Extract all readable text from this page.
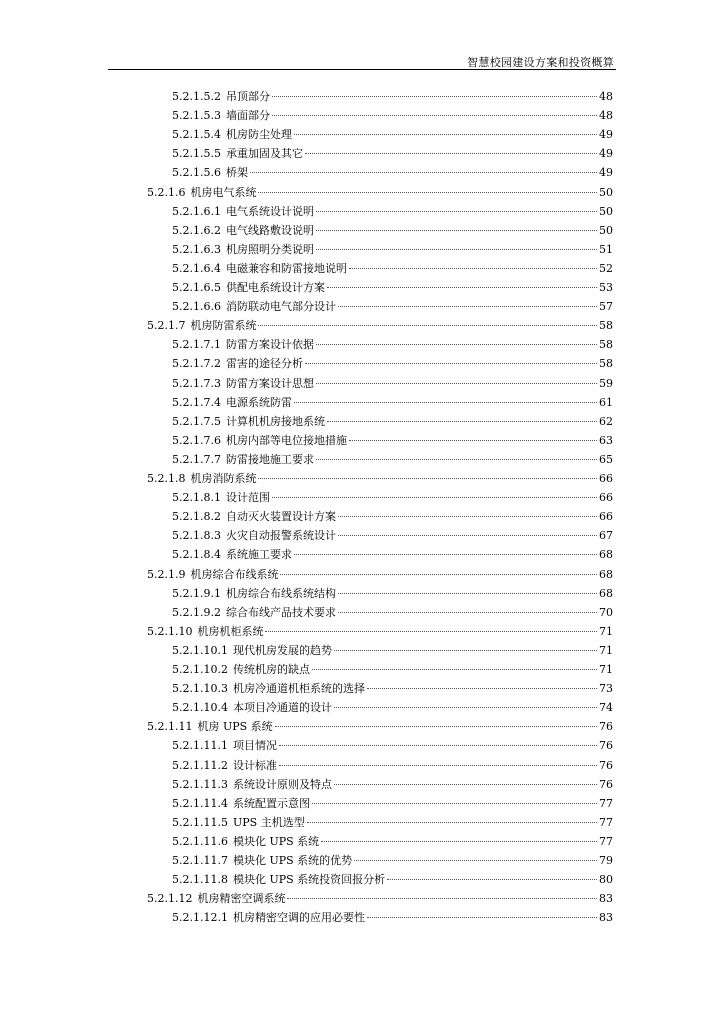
智慧校园建设方案和投资概算
5.2.1.5.2 吊顶部分	48
5.2.1.5.3 墙面部分	48
5.2.1.5.4 机房防尘处理	49
5.2.1.5.5 承重加固及其它	49
5.2.1.5.6 桥架	49
5.2.1.6 机房电气系统	50
5.2.1.6.1 电气系统设计说明	50
5.2.1.6.2 电气线路敷设说明	50
5.2.1.6.3 机房照明分类说明	51
5.2.1.6.4 电磁兼容和防雷接地说明	52
5.2.1.6.5 供配电系统设计方案	53
5.2.1.6.6 消防联动电气部分设计	57
5.2.1.7 机房防雷系统	58
5.2.1.7.1 防雷方案设计依据	58
5.2.1.7.2 雷害的途径分析	58
5.2.1.7.3 防雷方案设计思想	59
5.2.1.7.4 电源系统防雷	61
5.2.1.7.5 计算机机房接地系统	62
5.2.1.7.6 机房内部等电位接地措施	63
5.2.1.7.7 防雷接地施工要求	65
5.2.1.8 机房消防系统	66
5.2.1.8.1 设计范围	66
5.2.1.8.2 自动灭火装置设计方案	66
5.2.1.8.3 火灾自动报警系统设计	67
5.2.1.8.4 系统施工要求	68
5.2.1.9 机房综合布线系统	68
5.2.1.9.1 机房综合布线系统结构	68
5.2.1.9.2 综合布线产品技术要求	70
5.2.1.10 机房机柜系统	71
5.2.1.10.1 现代机房发展的趋势	71
5.2.1.10.2 传统机房的缺点	71
5.2.1.10.3 机房冷通道机柜系统的选择	73
5.2.1.10.4 本项目冷通道的设计	74
5.2.1.11 机房 UPS 系统	76
5.2.1.11.1 项目情况	76
5.2.1.11.2 设计标准	76
5.2.1.11.3 系统设计原则及特点	76
5.2.1.11.4 系统配置示意图	77
5.2.1.11.5 UPS 主机选型	77
5.2.1.11.6 模块化 UPS 系统	77
5.2.1.11.7 模块化 UPS 系统的优势	79
5.2.1.11.8 模块化 UPS 系统投资回报分析	80
5.2.1.12 机房精密空调系统	83
5.2.1.12.1 机房精密空调的应用必要性	83
